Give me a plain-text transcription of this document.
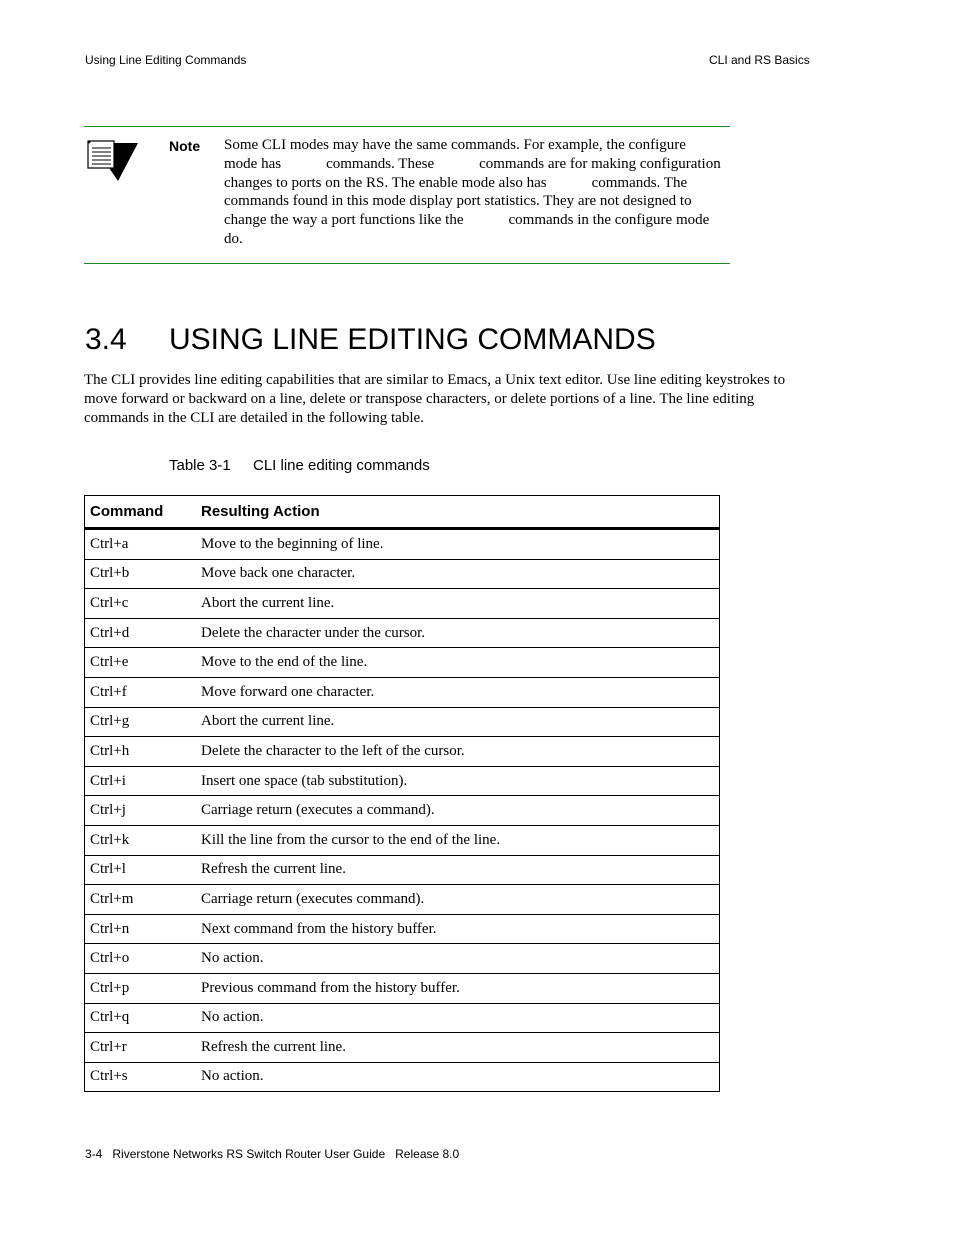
Using Line Editing Commands	CLI and RS Basics
Note Some CLI modes may have the same commands. For example, the configure
mode has            commands. These            commands are for making configuration
changes to ports on the RS. The enable mode also has            commands. The
commands found in this mode display port statistics. They are not designed to
change the way a port functions like the            commands in the configure mode
do.
3.4 USING LINE EDITING COMMANDS
The CLI provides line editing capabilities that are similar to Emacs, a Unix text editor. Use line editing keystrokes to
move forward or backward on a line, delete or transpose characters, or delete portions of a line. The line editing
commands in the CLI are detailed in the following table.
Table 3-1 CLI line editing commands
Command	Resulting Action
Ctrl+a	Move to the beginning of line.
Ctrl+b	Move back one character.
Ctrl+c	Abort the current line.
Ctrl+d	Delete the character under the cursor.
Ctrl+e	Move to the end of the line.
Ctrl+f	Move forward one character.
Ctrl+g	Abort the current line.
Ctrl+h	Delete the character to the left of the cursor.
Ctrl+i	Insert one space (tab substitution).
Ctrl+j	Carriage return (executes a command).
Ctrl+k	Kill the line from the cursor to the end of the line.
Ctrl+l	Refresh the current line.
Ctrl+m	Carriage return (executes command).
Ctrl+n	Next command from the history buffer.
Ctrl+o	No action.
Ctrl+p	Previous command from the history buffer.
Ctrl+q	No action.
Ctrl+r	Refresh the current line.
Ctrl+s	No action.
3-4 Riverstone Networks RS Switch Router User Guide Release 8.0
